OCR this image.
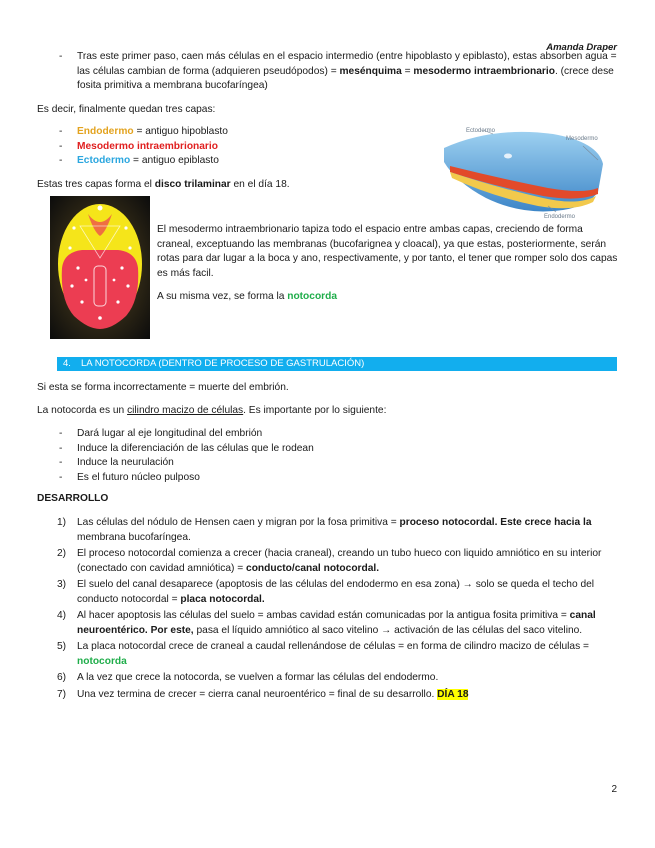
Amanda Draper
- Tras este primer paso, caen más células en el espacio intermedio (entre hipoblasto y epiblasto), estas absorben agua = las células cambian de forma (adquieren pseudópodos) = mesénquima = mesodermo intraembrionario. (crece dese fosita primitiva a membrana bucofaríngea)

Es decir, finalmente quedan tres capas:

- Endodermo = antiguo hipoblasto
- Mesodermo intraembrionario
- Ectodermo = antiguo epiblasto

Estas tres capas forma el disco trilaminar en el día 18.

Ectodermo
Mesodermo
Endodermo

El mesodermo intraembrionario tapiza todo el espacio entre ambas capas, creciendo de forma craneal, exceptuando las membranas (bucofarignea y cloacal), ya que estas, posteriormente, serán rotas para dar lugar a la boca y ano, respectivamente, y por tanto, el tener que romper solo dos capas es más facil.

A su misma vez, se forma la notocorda

4. LA NOTOCORDA (DENTRO DE PROCESO DE GASTRULACIÓN)

Si esta se forma incorrectamente = muerte del embrión.

La notocorda es un cilindro macizo de células. Es importante por lo siguiente:

- Dará lugar al eje longitudinal del embrión
- Induce la diferenciación de las células que le rodean
- Induce la neurulación
- Es el futuro núcleo pulposo

DESARROLLO

1) Las células del nódulo de Hensen caen y migran por la fosa primitiva = proceso notocordal. Este crece hacia la membrana bucofaríngea.
2) El proceso notocordal comienza a crecer (hacia craneal), creando un tubo hueco con liquido amniótico en su interior (conectado con cavidad amniótica) = conducto/canal notocordal.
3) El suelo del canal desaparece (apoptosis de las células del endodermo en esa zona) → solo se queda el techo del conducto notocordal = placa notocordal.
4) Al hacer apoptosis las células del suelo = ambas cavidad están comunicadas por la antigua fosita primitiva = canal neuroentérico. Por este, pasa el líquido amniótico al saco vitelino → activación de las células del saco vitelino.
5) La placa notocordal crece de craneal a caudal rellenándose de células = en forma de cilindro macizo de células = notocorda
6) A la vez que crece la notocorda, se vuelven a formar las células del endodermo.
7) Una vez termina de crecer = cierra canal neuroentérico = final de su desarrollo. DÍA 18
2
